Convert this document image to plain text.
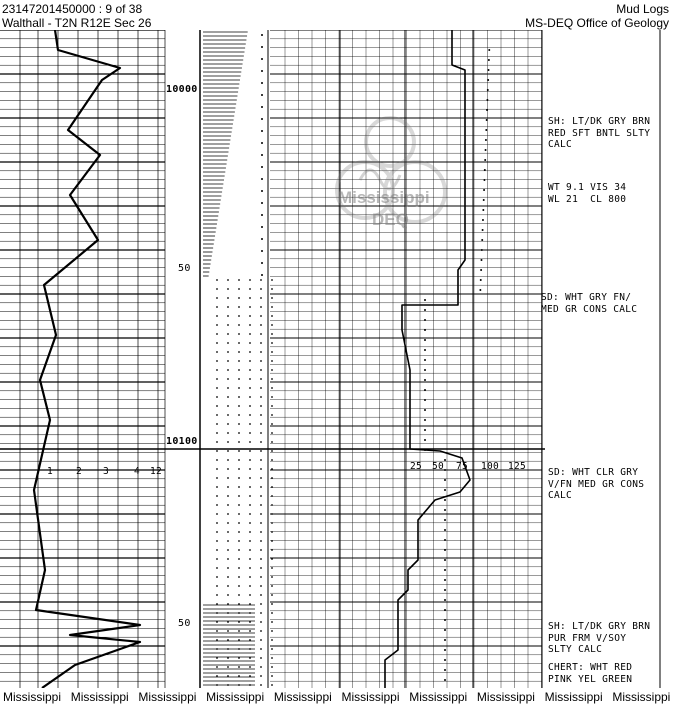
23147201450000 : 9 of 38
Walthall - T2N R12E Sec 26
Mud Logs
MS-DEQ Office of Geology
Mississippi
DEQ
10000
50
10100
50
1 2 3	4 12	25 50 75 100 125
SH: LT/DK GRY BRN
RED SFT BNTL SLTY
CALC
WT 9.1 VIS 34
WL 21  CL 800
SD: WHT GRY FN/
MED GR CONS CALC
SD: WHT CLR GRY
V/FN MED GR CONS
CALC
SH: LT/DK GRY BRN
PUR FRM V/SOY
SLTY CALC
CHERT: WHT RED
PINK YEL GREEN
Mississippi Mississippi Mississippi Mississippi Mississippi Mississippi Mississippi Mississippi Mississippi Mississippi
